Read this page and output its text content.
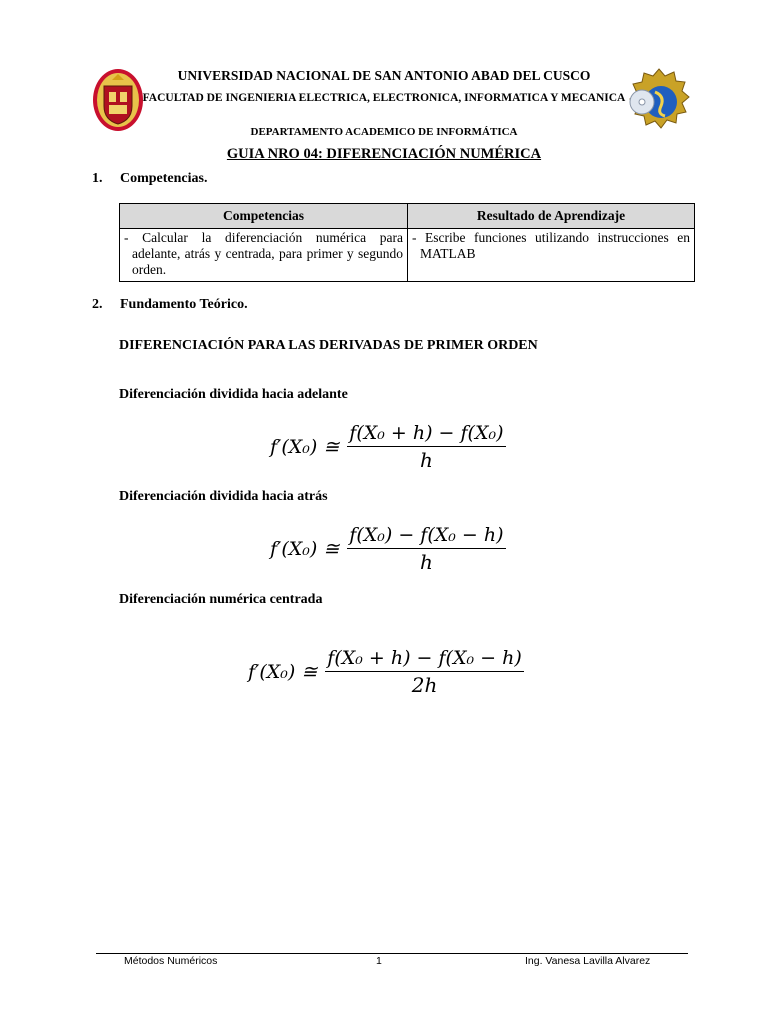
UNIVERSIDAD NACIONAL DE SAN ANTONIO ABAD DEL CUSCO
FACULTAD DE INGENIERIA ELECTRICA, ELECTRONICA, INFORMATICA Y MECANICA
DEPARTAMENTO ACADEMICO DE INFORMÁTICA
GUIA NRO 04: DIFERENCIACIÓN NUMÉRICA
1. Competencias.
Competencias	Resultado de Aprendizaje

- Calcular la diferenciación numérica para adelante, atrás y centrada, para primer y segundo orden.	- Escribe funciones utilizando instrucciones en MATLAB
2. Fundamento Teórico.
DIFERENCIACIÓN PARA LAS DERIVADAS DE PRIMER ORDEN
Diferenciación dividida hacia adelante
f′(X₀) ≅ $\frac{\text{f(X₀ + h) − f(X₀)}}{h}$
Diferenciación dividida hacia atrás
f′(X₀) ≅ $\frac{\text{f(X₀) − f(X₀ − h)}}{h}$
Diferenciación numérica centrada
f′(X₀) ≅ $\frac{\text{f(X₀ + h) − f(X₀ − h)}}{2h}$
Métodos Numéricos	1	Ing. Vanesa Lavilla Alvarez
